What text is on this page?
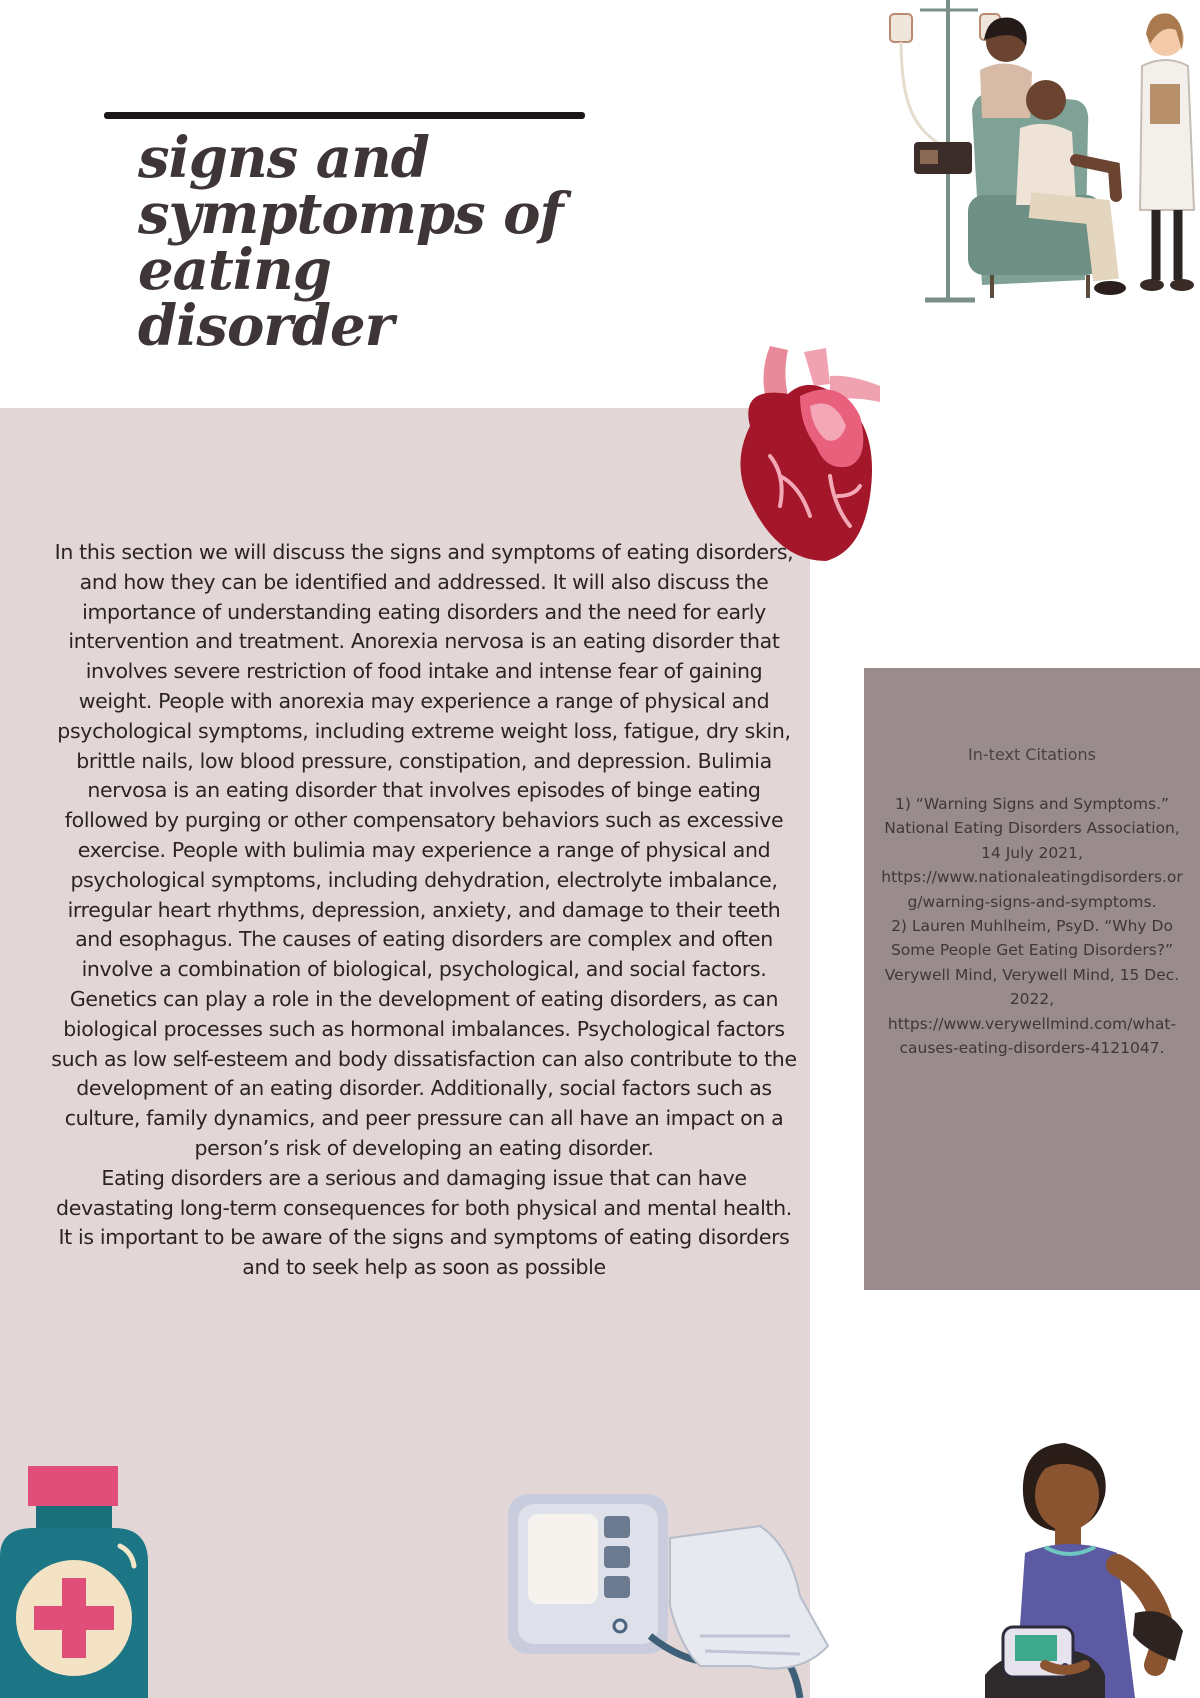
signs and symptomps of eating disorder

In this section we will discuss the signs and symptoms of eating disorders, and how they can be identified and addressed. It will also discuss the importance of understanding eating disorders and the need for early intervention and treatment. Anorexia nervosa is an eating disorder that involves severe restriction of food intake and intense fear of gaining weight. People with anorexia may experience a range of physical and psychological symptoms, including extreme weight loss, fatigue, dry skin, brittle nails, low blood pressure, constipation, and depression. Bulimia nervosa is an eating disorder that involves episodes of binge eating followed by purging or other compensatory behaviors such as excessive exercise. People with bulimia may experience a range of physical and psychological symptoms, including dehydration, electrolyte imbalance, irregular heart rhythms, depression, anxiety, and damage to their teeth and esophagus. The causes of eating disorders are complex and often involve a combination of biological, psychological, and social factors. Genetics can play a role in the development of eating disorders, as can biological processes such as hormonal imbalances. Psychological factors such as low self-esteem and body dissatisfaction can also contribute to the development of an eating disorder. Additionally, social factors such as culture, family dynamics, and peer pressure can all have an impact on a person’s risk of developing an eating disorder.

Eating disorders are a serious and damaging issue that can have devastating long-term consequences for both physical and mental health. It is important to be aware of the signs and symptoms of eating disorders and to seek help as soon as possible

In-text Citations

1) “Warning Signs and Symptoms.” National Eating Disorders Association, 14 July 2021, https://www.nationaleatingdisorders.org/warning-signs-and-symptoms.

2) Lauren Muhlheim, PsyD. “Why Do Some People Get Eating Disorders?” Verywell Mind, Verywell Mind, 15 Dec. 2022, https://www.verywellmind.com/what-causes-eating-disorders-4121047.
